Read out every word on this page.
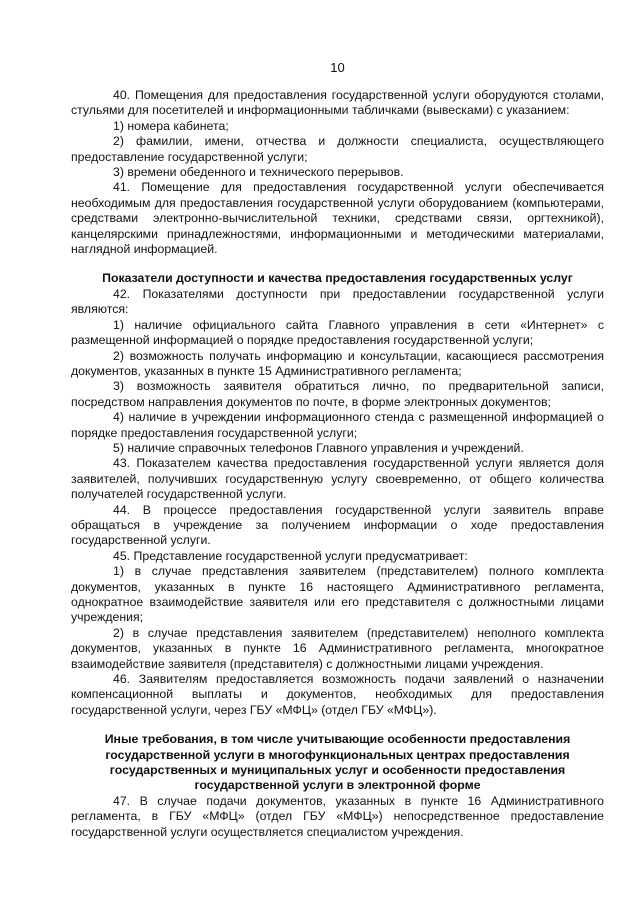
10
40. Помещения для предоставления государственной услуги оборудуются столами, стульями для посетителей и информационными табличками (вывесками) с указанием:
1) номера кабинета;
2) фамилии, имени, отчества и должности специалиста, осуществляющего предоставление государственной услуги;
3) времени обеденного и технического перерывов.
41. Помещение для предоставления государственной услуги обеспечивается необходимым для предоставления государственной услуги оборудованием (компьютерами, средствами электронно-вычислительной техники, средствами связи, оргтехникой), канцелярскими принадлежностями, информационными и методическими материалами, наглядной информацией.
Показатели доступности и качества предоставления государственных услуг
42. Показателями доступности при предоставлении государственной услуги являются:
1) наличие официального сайта Главного управления в сети «Интернет» с размещенной информацией о порядке предоставления государственной услуги;
2) возможность получать информацию и консультации, касающиеся рассмотрения документов, указанных в пункте 15 Административного регламента;
3) возможность заявителя обратиться лично, по предварительной записи, посредством направления документов по почте, в форме электронных документов;
4) наличие в учреждении информационного стенда с размещенной информацией о порядке предоставления государственной услуги;
5) наличие справочных телефонов Главного управления и учреждений.
43. Показателем качества предоставления государственной услуги является доля заявителей, получивших государственную услугу своевременно, от общего количества получателей государственной услуги.
44. В процессе предоставления государственной услуги заявитель вправе обращаться в учреждение за получением информации о ходе предоставления государственной услуги.
45. Представление государственной услуги предусматривает:
1) в случае представления заявителем (представителем) полного комплекта документов, указанных в пункте 16 настоящего Административного регламента, однократное взаимодействие заявителя или его представителя с должностными лицами учреждения;
2) в случае представления заявителем (представителем) неполного комплекта документов, указанных в пункте 16 Административного регламента, многократное взаимодействие заявителя (представителя) с должностными лицами учреждения.
46. Заявителям предоставляется возможность подачи заявлений о назначении компенсационной выплаты и документов, необходимых для предоставления государственной услуги, через ГБУ «МФЦ» (отдел ГБУ «МФЦ»).
Иные требования, в том числе учитывающие особенности предоставления государственной услуги в многофункциональных центрах предоставления государственных и муниципальных услуг и особенности предоставления государственной услуги в электронной форме
47. В случае подачи документов, указанных в пункте 16 Административного регламента, в ГБУ «МФЦ» (отдел ГБУ «МФЦ») непосредственное предоставление государственной услуги осуществляется специалистом учреждения.
